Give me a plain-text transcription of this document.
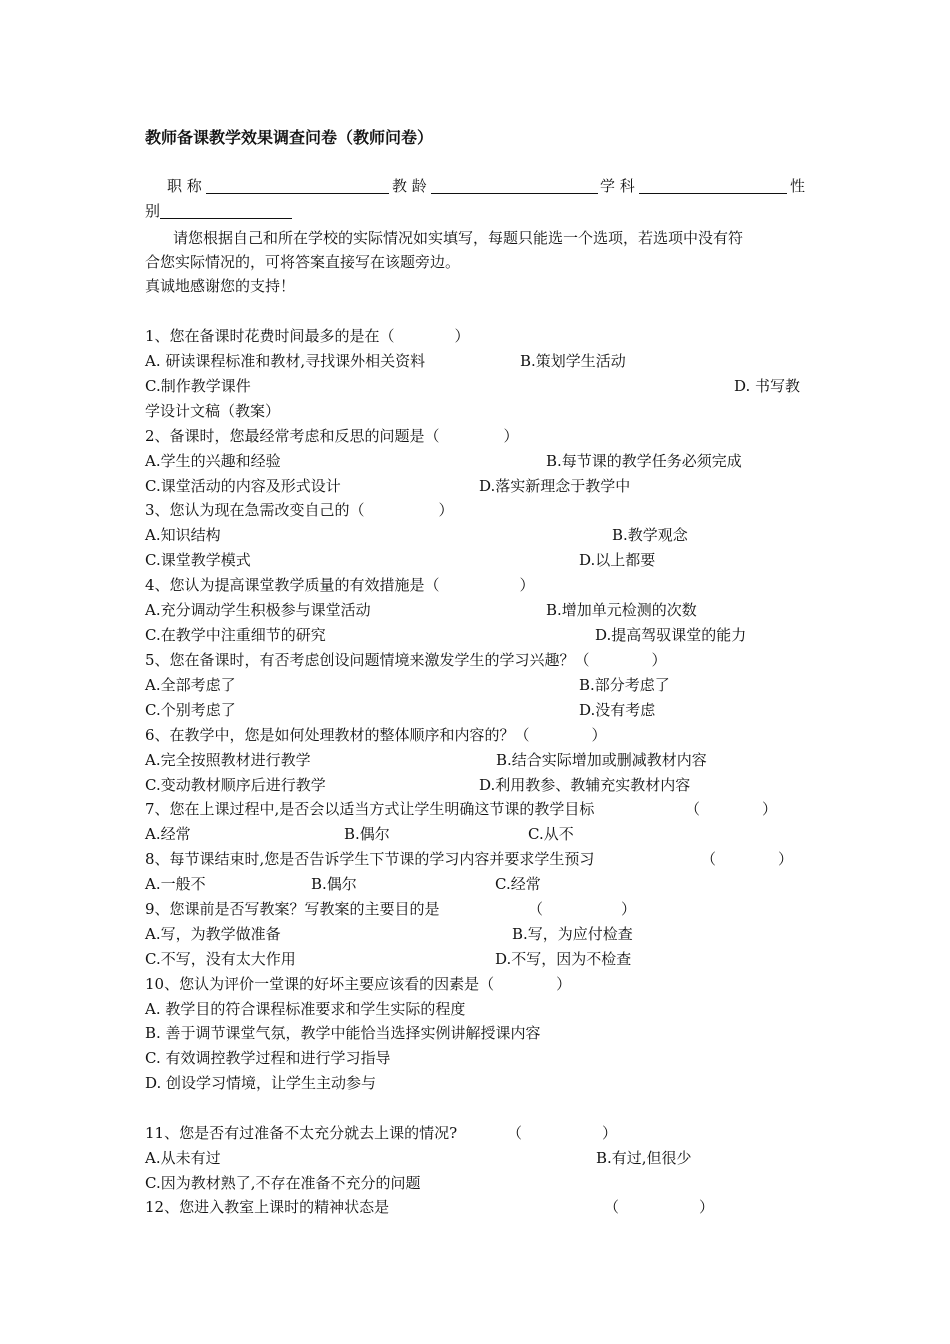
教师备课教学效果调查问卷（教师问卷）
职 称	教 龄	学 科	性
别
请您根据自己和所在学校的实际情况如实填写，每题只能选一个选项，若选项中没有符
合您实际情况的，可将答案直接写在该题旁边。
真诚地感谢您的支持！
1、您在备课时花费时间最多的是在（	）
A. 研读课程标准和教材,寻找课外相关资料	B.策划学生活动
C.制作教学课件	D. 书写教
学设计文稿（教案）
2、备课时，您最经常考虑和反思的问题是（	）
A.学生的兴趣和经验	B.每节课的教学任务必须完成
C.课堂活动的内容及形式设计	D.落实新理念于教学中
3、您认为现在急需改变自己的（	）
A.知识结构	B.教学观念
C.课堂教学模式	D.以上都要
4、您认为提高课堂教学质量的有效措施是（	）
A.充分调动学生积极参与课堂活动	B.增加单元检测的次数
C.在教学中注重细节的研究	D.提高驾驭课堂的能力
5、您在备课时，有否考虑创设问题情境来激发学生的学习兴趣？（	）
A.全部考虑了	B.部分考虑了
C.个别考虑了	D.没有考虑
6、在教学中，您是如何处理教材的整体顺序和内容的？（	）
A.完全按照教材进行教学	B.结合实际增加或删减教材内容
C.变动教材顺序后进行教学	D.利用教参、教辅充实教材内容
7、您在上课过程中,是否会以适当方式让学生明确这节课的教学目标	（	）
A.经常	B.偶尔	C.从不
8、每节课结束时,您是否告诉学生下节课的学习内容并要求学生预习	（	）
A.一般不	B.偶尔	C.经常
9、您课前是否写教案？写教案的主要目的是	（	）
A.写，为教学做准备	B.写，为应付检查
C.不写，没有太大作用	D.不写，因为不检查
10、您认为评价一堂课的好坏主要应该看的因素是（	）
A. 教学目的符合课程标准要求和学生实际的程度
B. 善于调节课堂气氛，教学中能恰当选择实例讲解授课内容
C. 有效调控教学过程和进行学习指导
D. 创设学习情境，让学生主动参与
11、您是否有过准备不太充分就去上课的情况?	（	）
A.从未有过	B.有过,但很少
C.因为教材熟了,不存在准备不充分的问题
12、您进入教室上课时的精神状态是	（	）
